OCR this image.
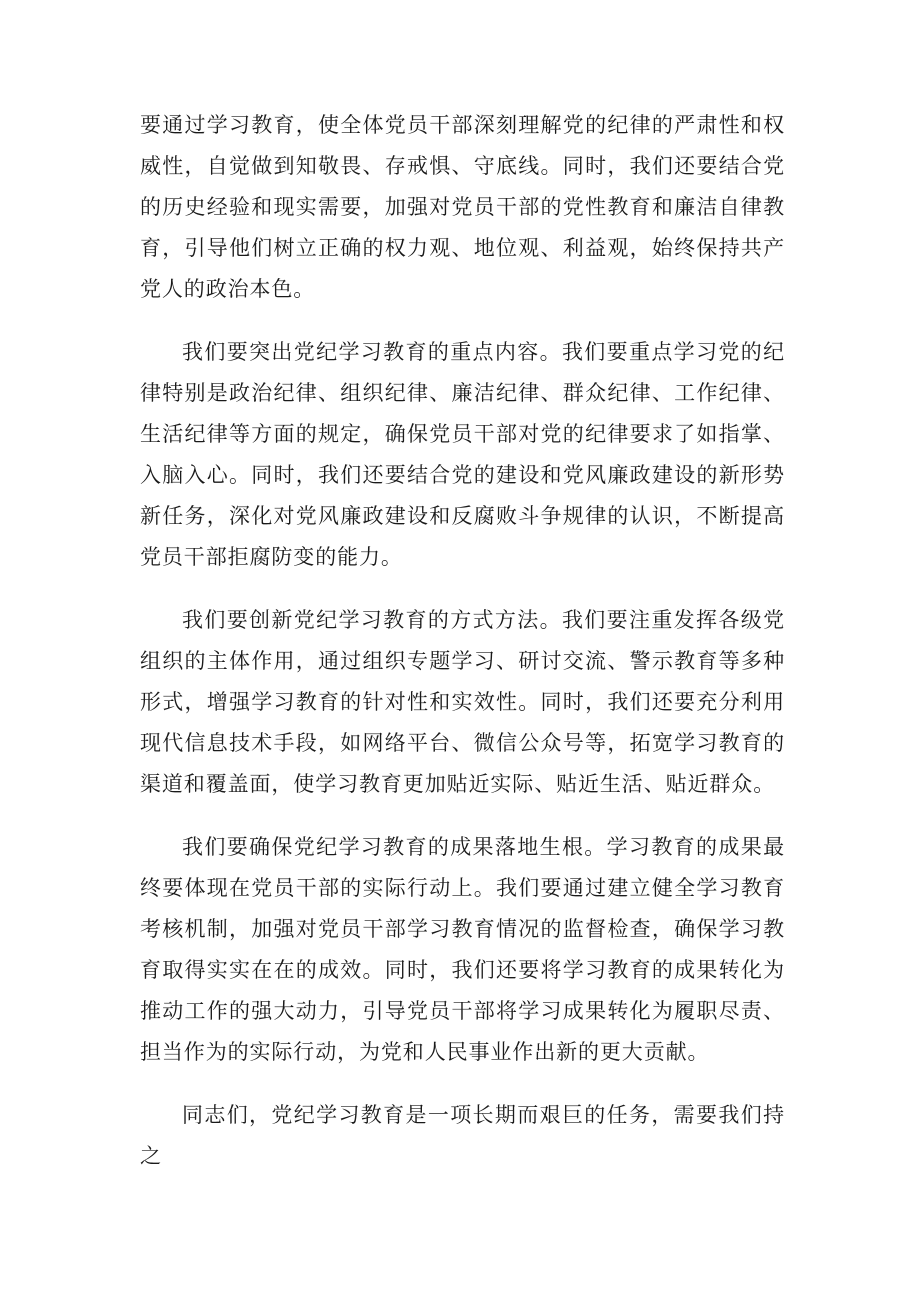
要通过学习教育，使全体党员干部深刻理解党的纪律的严肃性和权威性，自觉做到知敬畏、存戒惧、守底线。同时，我们还要结合党的历史经验和现实需要，加强对党员干部的党性教育和廉洁自律教育，引导他们树立正确的权力观、地位观、利益观，始终保持共产党人的政治本色。

我们要突出党纪学习教育的重点内容。我们要重点学习党的纪律特别是政治纪律、组织纪律、廉洁纪律、群众纪律、工作纪律、生活纪律等方面的规定，确保党员干部对党的纪律要求了如指掌、入脑入心。同时，我们还要结合党的建设和党风廉政建设的新形势新任务，深化对党风廉政建设和反腐败斗争规律的认识，不断提高党员干部拒腐防变的能力。

我们要创新党纪学习教育的方式方法。我们要注重发挥各级党组织的主体作用，通过组织专题学习、研讨交流、警示教育等多种形式，增强学习教育的针对性和实效性。同时，我们还要充分利用现代信息技术手段，如网络平台、微信公众号等，拓宽学习教育的渠道和覆盖面，使学习教育更加贴近实际、贴近生活、贴近群众。

我们要确保党纪学习教育的成果落地生根。学习教育的成果最终要体现在党员干部的实际行动上。我们要通过建立健全学习教育考核机制，加强对党员干部学习教育情况的监督检查，确保学习教育取得实实在在的成效。同时，我们还要将学习教育的成果转化为推动工作的强大动力，引导党员干部将学习成果转化为履职尽责、担当作为的实际行动，为党和人民事业作出新的更大贡献。

同志们，党纪学习教育是一项长期而艰巨的任务，需要我们持之
